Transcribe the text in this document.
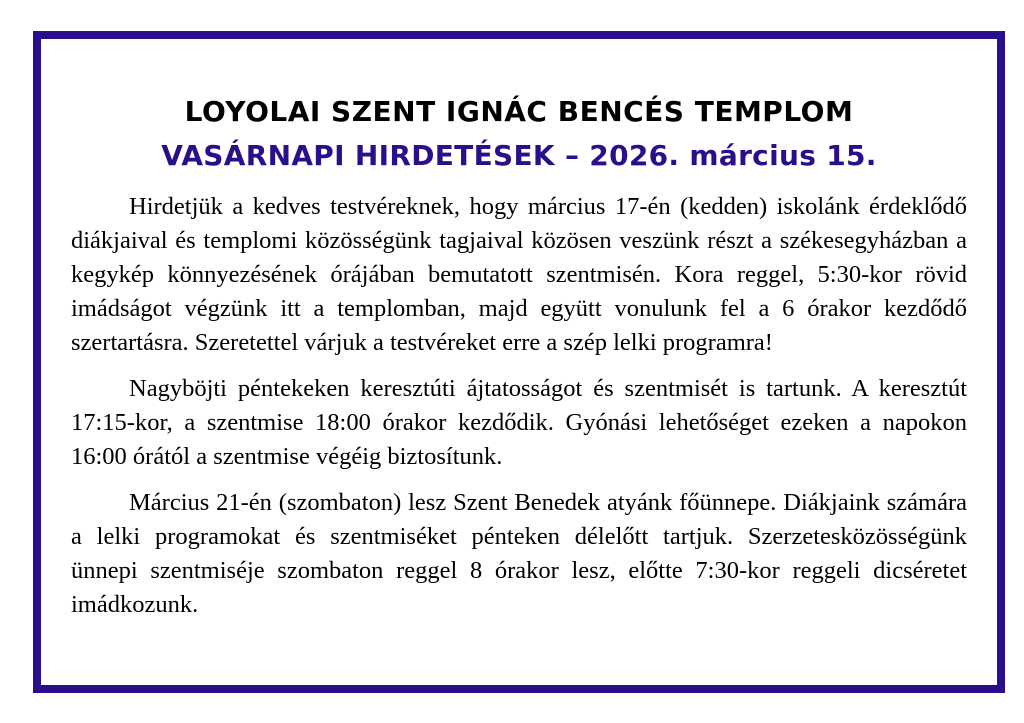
LOYOLAI SZENT IGNÁC BENCÉS TEMPLOM
VASÁRNAPI HIRDETÉSEK – 2026. március 15.

Hirdetjük a kedves testvéreknek, hogy március 17-én (kedden) iskolánk érdeklődő diákjaival és templomi közösségünk tagjaival közösen veszünk részt a székesegyházban a kegykép könnyezésének órájában bemutatott szentmisén. Kora reggel, 5:30-kor rövid imádságot végzünk itt a templomban, majd együtt vonulunk fel a 6 órakor kezdődő szertartásra. Szeretettel várjuk a testvéreket erre a szép lelki programra!

Nagyböjti péntekeken keresztúti ájtatosságot és szentmisét is tartunk. A keresztút 17:15-kor, a szentmise 18:00 órakor kezdődik. Gyónási lehetőséget ezeken a napokon 16:00 órától a szentmise végéig biztosítunk.

Március 21-én (szombaton) lesz Szent Benedek atyánk főünnepe. Diákjaink számára a lelki programokat és szentmiséket pénteken délelőtt tartjuk. Szerzetesközösségünk ünnepi szentmiséje szombaton reggel 8 órakor lesz, előtte 7:30-kor reggeli dicséretet imádkozunk.
